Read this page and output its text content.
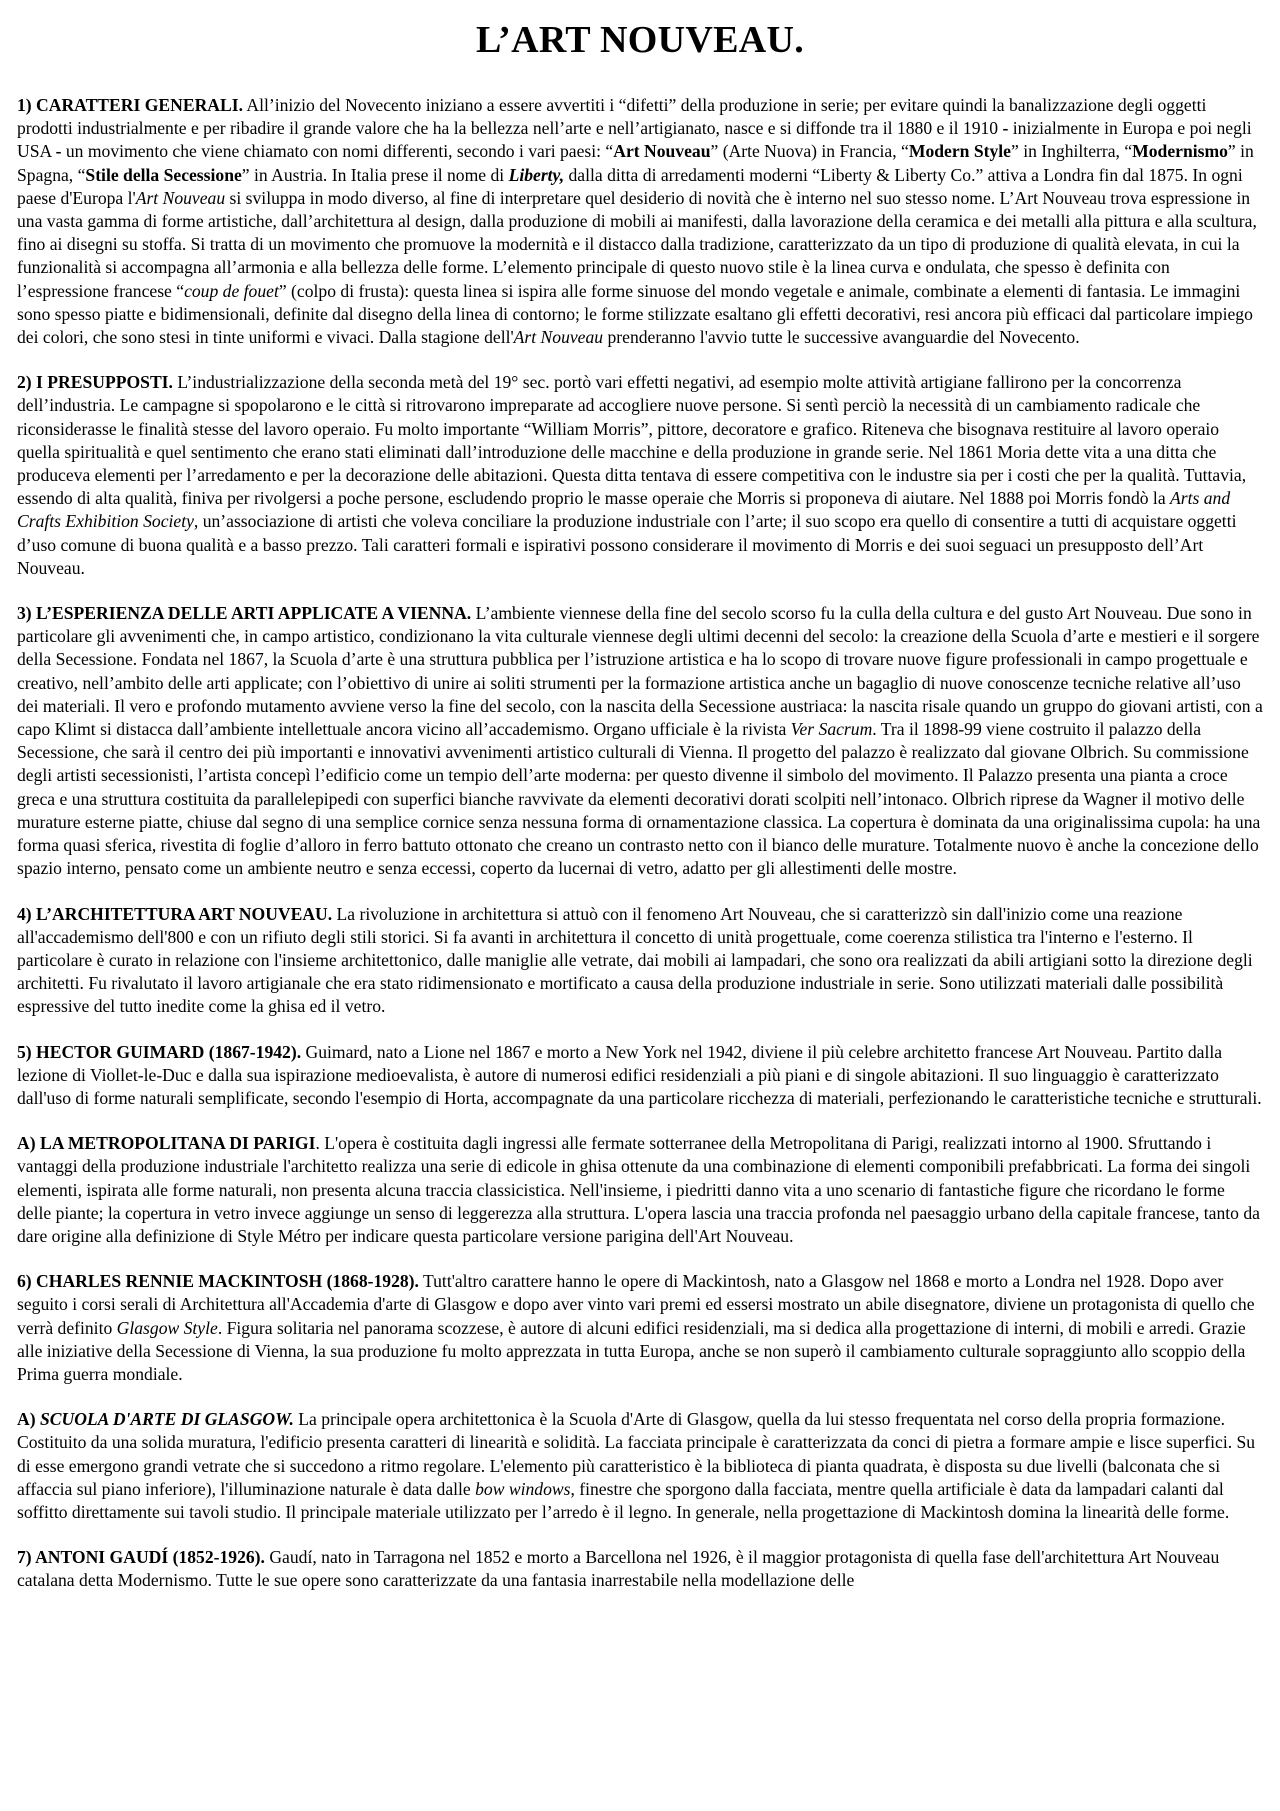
L’ART NOUVEAU.

1) CARATTERI GENERALI. All’inizio del Novecento iniziano a essere avvertiti i “difetti” della produzione in serie; per evitare quindi la banalizzazione degli oggetti prodotti industrialmente e per ribadire il grande valore che ha la bellezza nell’arte e nell’artigianato, nasce e si diffonde tra il 1880 e il 1910 - inizialmente in Europa e poi negli USA - un movimento che viene chiamato con nomi differenti, secondo i vari paesi: “Art Nouveau” (Arte Nuova) in Francia, “Modern Style” in Inghilterra, “Modernismo” in Spagna, “Stile della Secessione” in Austria. In Italia prese il nome di Liberty, dalla ditta di arredamenti moderni “Liberty & Liberty Co.” attiva a Londra fin dal 1875. In ogni paese d'Europa l'Art Nouveau si sviluppa in modo diverso, al fine di interpretare quel desiderio di novità che è interno nel suo stesso nome. L’Art Nouveau trova espressione in una vasta gamma di forme artistiche, dall’architettura al design, dalla produzione di mobili ai manifesti, dalla lavorazione della ceramica e dei metalli alla pittura e alla scultura, fino ai disegni su stoffa. Si tratta di un movimento che promuove la modernità e il distacco dalla tradizione, caratterizzato da un tipo di produzione di qualità elevata, in cui la funzionalità si accompagna all’armonia e alla bellezza delle forme. L’elemento principale di questo nuovo stile è la linea curva e ondulata, che spesso è definita con l’espressione francese “coup de fouet” (colpo di frusta): questa linea si ispira alle forme sinuose del mondo vegetale e animale, combinate a elementi di fantasia. Le immagini sono spesso piatte e bidimensionali, definite dal disegno della linea di contorno; le forme stilizzate esaltano gli effetti decorativi, resi ancora più efficaci dal particolare impiego dei colori, che sono stesi in tinte uniformi e vivaci. Dalla stagione dell'Art Nouveau prenderanno l'avvio tutte le successive avanguardie del Novecento.

2) I PRESUPPOSTI. L’industrializzazione della seconda metà del 19° sec. portò vari effetti negativi, ad esempio molte attività artigiane fallirono per la concorrenza dell’industria. Le campagne si spopolarono e le città si ritrovarono impreparate ad accogliere nuove persone. Si sentì perciò la necessità di un cambiamento radicale che riconsiderasse le finalità stesse del lavoro operaio. Fu molto importante “William Morris”, pittore, decoratore e grafico. Riteneva che bisognava restituire al lavoro operaio quella spiritualità e quel sentimento che erano stati eliminati dall’introduzione delle macchine e della produzione in grande serie. Nel 1861 Moria dette vita a una ditta che produceva elementi per l’arredamento e per la decorazione delle abitazioni. Questa ditta tentava di essere competitiva con le industre sia per i costi che per la qualità. Tuttavia, essendo di alta qualità, finiva per rivolgersi a poche persone, escludendo proprio le masse operaie che Morris si proponeva di aiutare. Nel 1888 poi Morris fondò la Arts and Crafts Exhibition Society, un’associazione di artisti che voleva conciliare la produzione industriale con l’arte; il suo scopo era quello di consentire a tutti di acquistare oggetti d’uso comune di buona qualità e a basso prezzo. Tali caratteri formali e ispirativi possono considerare il movimento di Morris e dei suoi seguaci un presupposto dell’Art Nouveau.

3) L’ESPERIENZA DELLE ARTI APPLICATE A VIENNA. L’ambiente viennese della fine del secolo scorso fu la culla della cultura e del gusto Art Nouveau. Due sono in particolare gli avvenimenti che, in campo artistico, condizionano la vita culturale viennese degli ultimi decenni del secolo: la creazione della Scuola d’arte e mestieri e il sorgere della Secessione. Fondata nel 1867, la Scuola d’arte è una struttura pubblica per l’istruzione artistica e ha lo scopo di trovare nuove figure professionali in campo progettuale e creativo, nell’ambito delle arti applicate; con l’obiettivo di unire ai soliti strumenti per la formazione artistica anche un bagaglio di nuove conoscenze tecniche relative all’uso dei materiali. Il vero e profondo mutamento avviene verso la fine del secolo, con la nascita della Secessione austriaca: la nascita risale quando un gruppo do giovani artisti, con a capo Klimt si distacca dall’ambiente intellettuale ancora vicino all’accademismo. Organo ufficiale è la rivista Ver Sacrum. Tra il 1898-99 viene costruito il palazzo della Secessione, che sarà il centro dei più importanti e innovativi avvenimenti artistico culturali di Vienna. Il progetto del palazzo è realizzato dal giovane Olbrich. Su commissione degli artisti secessionisti, l’artista concepì l’edificio come un tempio dell’arte moderna: per questo divenne il simbolo del movimento. Il Palazzo presenta una pianta a croce greca e una struttura costituita da parallelepipedi con superfici bianche ravvivate da elementi decorativi dorati scolpiti nell’intonaco. Olbrich riprese da Wagner il motivo delle murature esterne piatte, chiuse dal segno di una semplice cornice senza nessuna forma di ornamentazione classica. La copertura è dominata da una originalissima cupola: ha una forma quasi sferica, rivestita di foglie d’alloro in ferro battuto ottonato che creano un contrasto netto con il bianco delle murature. Totalmente nuovo è anche la concezione dello spazio interno, pensato come un ambiente neutro e senza eccessi, coperto da lucernai di vetro, adatto per gli allestimenti delle mostre.

4) L’ARCHITETTURA ART NOUVEAU. La rivoluzione in architettura si attuò con il fenomeno Art Nouveau, che si caratterizzò sin dall'inizio come una reazione all'accademismo dell'800 e con un rifiuto degli stili storici. Si fa avanti in architettura il concetto di unità progettuale, come coerenza stilistica tra l'interno e l'esterno. Il particolare è curato in relazione con l'insieme architettonico, dalle maniglie alle vetrate, dai mobili ai lampadari, che sono ora realizzati da abili artigiani sotto la direzione degli architetti. Fu rivalutato il lavoro artigianale che era stato ridimensionato e mortificato a causa della produzione industriale in serie. Sono utilizzati materiali dalle possibilità espressive del tutto inedite come la ghisa ed il vetro.

5) HECTOR GUIMARD (1867-1942). Guimard, nato a Lione nel 1867 e morto a New York nel 1942, diviene il più celebre architetto francese Art Nouveau. Partito dalla lezione di Viollet-le-Duc e dalla sua ispirazione medioevalista, è autore di numerosi edifici residenziali a più piani e di singole abitazioni. Il suo linguaggio è caratterizzato dall'uso di forme naturali semplificate, secondo l'esempio di Horta, accompagnate da una particolare ricchezza di materiali, perfezionando le caratteristiche tecniche e strutturali.

A) LA METROPOLITANA DI PARIGI. L'opera è costituita dagli ingressi alle fermate sotterranee della Metropolitana di Parigi, realizzati intorno al 1900. Sfruttando i vantaggi della produzione industriale l'architetto realizza una serie di edicole in ghisa ottenute da una combinazione di elementi componibili prefabbricati. La forma dei singoli elementi, ispirata alle forme naturali, non presenta alcuna traccia classicistica. Nell'insieme, i piedritti danno vita a uno scenario di fantastiche figure che ricordano le forme delle piante; la copertura in vetro invece aggiunge un senso di leggerezza alla struttura. L'opera lascia una traccia profonda nel paesaggio urbano della capitale francese, tanto da dare origine alla definizione di Style Métro per indicare questa particolare versione parigina dell'Art Nouveau.

6) CHARLES RENNIE MACKINTOSH (1868-1928). Tutt'altro carattere hanno le opere di Mackintosh, nato a Glasgow nel 1868 e morto a Londra nel 1928. Dopo aver seguito i corsi serali di Architettura all'Accademia d'arte di Glasgow e dopo aver vinto vari premi ed essersi mostrato un abile disegnatore, diviene un protagonista di quello che verrà definito Glasgow Style. Figura solitaria nel panorama scozzese, è autore di alcuni edifici residenziali, ma si dedica alla progettazione di interni, di mobili e arredi. Grazie alle iniziative della Secessione di Vienna, la sua produzione fu molto apprezzata in tutta Europa, anche se non superò il cambiamento culturale sopraggiunto allo scoppio della Prima guerra mondiale.

A) SCUOLA D'ARTE DI GLASGOW. La principale opera architettonica è la Scuola d'Arte di Glasgow, quella da lui stesso frequentata nel corso della propria formazione. Costituito da una solida muratura, l'edificio presenta caratteri di linearità e solidità. La facciata principale è caratterizzata da conci di pietra a formare ampie e lisce superfici. Su di esse emergono grandi vetrate che si succedono a ritmo regolare. L'elemento più caratteristico è la biblioteca di pianta quadrata, è disposta su due livelli (balconata che si affaccia sul piano inferiore), l'illuminazione naturale è data dalle bow windows, finestre che sporgono dalla facciata, mentre quella artificiale è data da lampadari calanti dal soffitto direttamente sui tavoli studio. Il principale materiale utilizzato per l’arredo è il legno. In generale, nella progettazione di Mackintosh domina la linearità delle forme.

7) ANTONI GAUDÍ (1852-1926). Gaudí, nato in Tarragona nel 1852 e morto a Barcellona nel 1926, è il maggior protagonista di quella fase dell'architettura Art Nouveau catalana detta Modernismo. Tutte le sue opere sono caratterizzate da una fantasia inarrestabile nella modellazione delle
